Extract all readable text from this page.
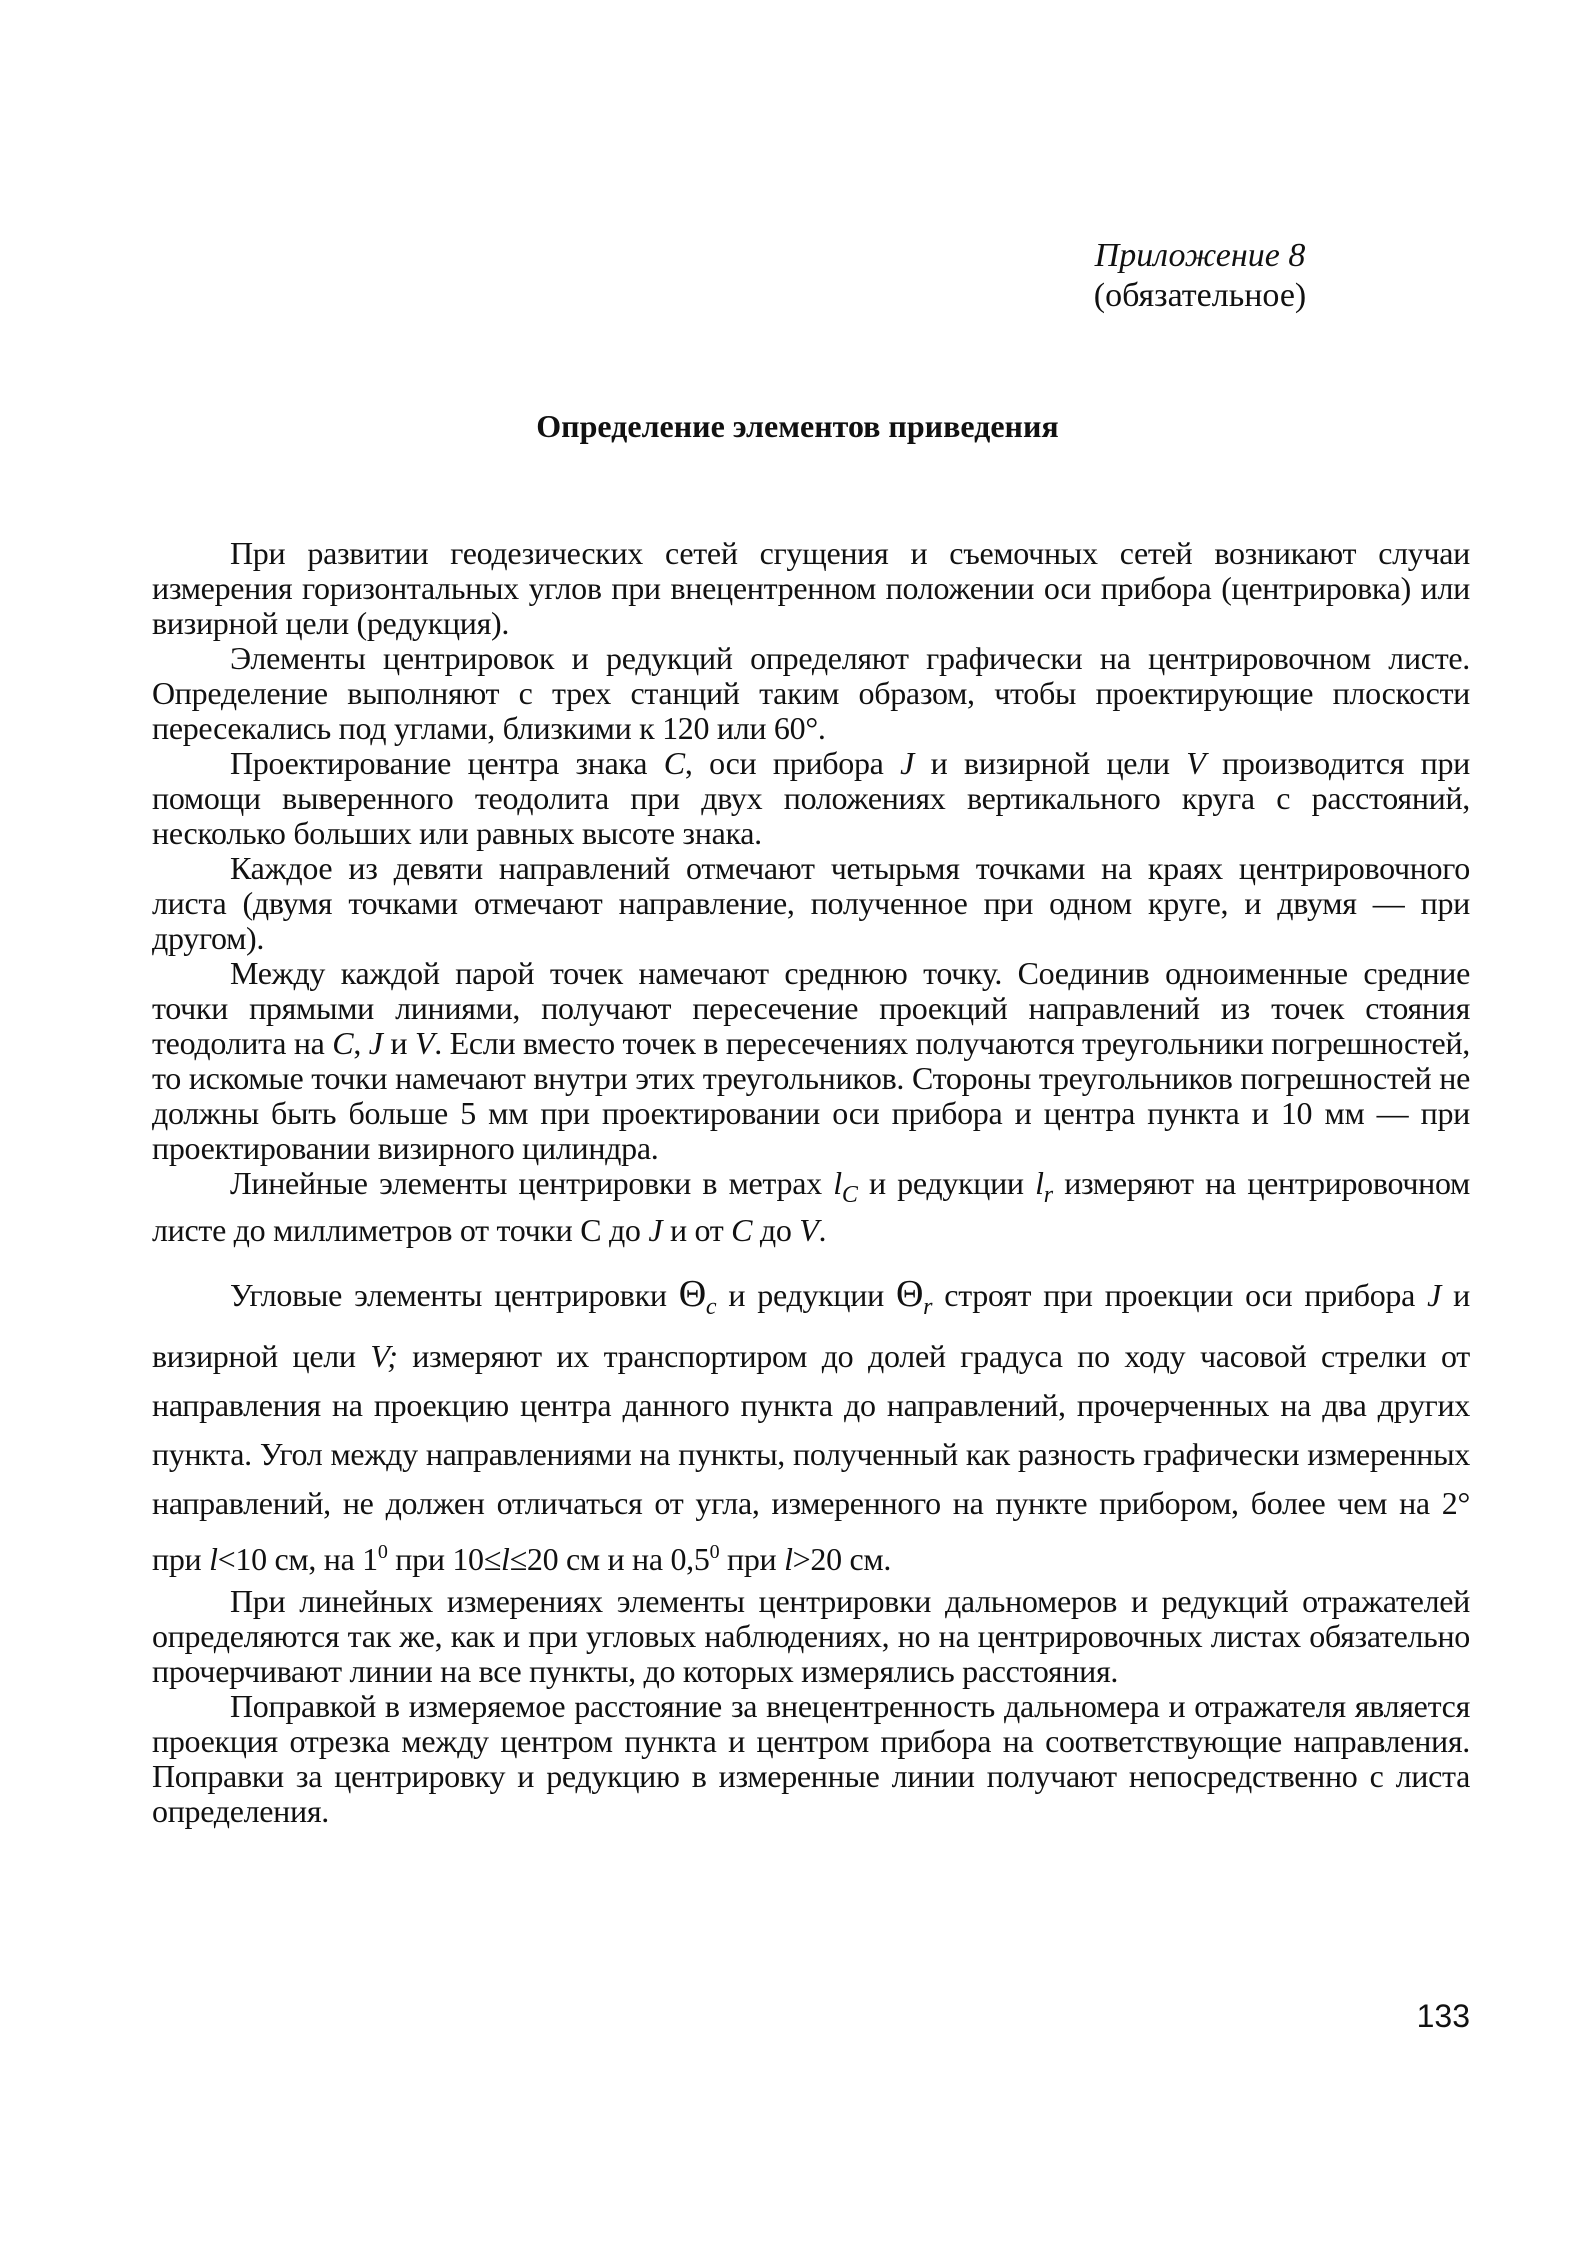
Приложение 8
(обязательное)
Определение элементов приведения

При развитии геодезических сетей сгущения и съемочных сетей возникают случаи измерения горизонтальных углов при внецентренном положении оси прибора (центрировка) или визирной цели (редукция).

Элементы центрировок и редукций определяют графически на центрировочном листе. Определение выполняют с трех станций таким образом, чтобы проектирующие плоскости пересекались под углами, близкими к 120 или 60°.

Проектирование центра знака C, оси прибора J и визирной цели V производится при помощи выверенного теодолита при двух положениях вертикального круга с расстояний, несколько больших или равных высоте знака.

Каждое из девяти направлений отмечают четырьмя точками на краях центрировочного листа (двумя точками отмечают направление, полученное при одном круге, и двумя — при другом).

Между каждой парой точек намечают среднюю точку. Соединив одноименные средние точки прямыми линиями, получают пересечение проекций направлений из точек стояния теодолита на C, J и V. Если вместо точек в пересечениях получаются треугольники погрешностей, то искомые точки намечают внутри этих треугольников. Стороны треугольников погрешностей не должны быть больше 5 мм при проектировании оси прибора и центра пункта и 10 мм — при проектировании визирного цилиндра.

Линейные элементы центрировки в метрах $l_C$ и редукции $l_r$ измеряют на центрировочном листе до миллиметров от точки С до J и от C до V.

Угловые элементы центрировки $\Theta_c$ и редукции $\Theta_r$ строят при проекции оси прибора J и визирной цели V; измеряют их транспортиром до долей градуса по ходу часовой стрелки от направления на проекцию центра данного пункта до направлений, прочерченных на два других пункта. Угол между направлениями на пункты, полученный как разность графически измеренных направлений, не должен отличаться от угла, измеренного на пункте прибором, более чем на 2° при l<10 см, на $1^0$ при 10≤l≤20 см и на $0,5^0$ при l>20 см.

При линейных измерениях элементы центрировки дальномеров и редукций отражателей определяются так же, как и при угловых наблюдениях, но на центрировочных листах обязательно прочерчивают линии на все пункты, до которых измерялись расстояния.

Поправкой в измеряемое расстояние за внецентренность дальномера и отражателя является проекция отрезка между центром пункта и центром прибора на соответствующие направления. Поправки за центрировку и редукцию в измеренные линии получают непосредственно с листа определения.

133
